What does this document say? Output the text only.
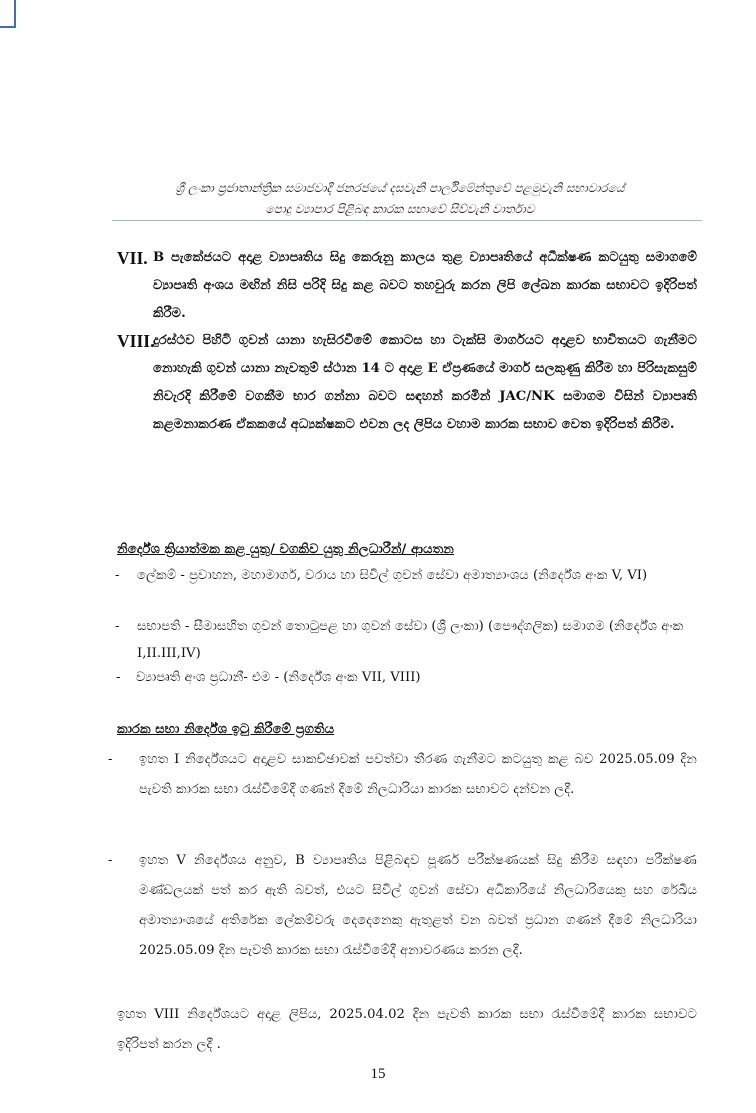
ශ්‍රී ලංකා ප්‍රජාතාන්ත්‍රික සමාජවාදී ජනරජයේ දසවැනි පාර්ලිමේන්තුවේ පළමුවැනි සභාවාරයේ
පොදු ව්‍යාපාර පිළිබඳ කාරක සභාවේ සිව්වැනි වාර්තාව
VII. B පැකේජයට අදාළ ව්‍යාපෘතිය සිදු කෙරුනු කාලය තුළ ව්‍යාපෘතියේ අධීක්ෂණ කටයුතු සමාගමේ ව්‍යාපෘති අංශය මඟින් නිසි පරිදි සිදු කළ බවට තහවුරු කරන ලිපි ලේඛන කාරක සභාවට ඉදිරිපත් කිරීම.
VIII.
දුරස්ථව පිහිටි ගුවන් යානා හැසිරවීමේ කොටස හා ටැක්සි මාර්ගයට අදාළව භාවිතයට ගැනීමට නොහැකි ගුවන් යානා නැවතුම් ස්ථාන 14 ට අදාළ E ඒප්‍රණයේ මාර්ග සලකුණු කිරීම හා පිරිසැකසුම් නිවැරදි කිරීමේ වගකීම භාර ගන්නා බවට සඳහන් කරමින් JAC/NK සමාගම විසින් ව්‍යාපෘති කළමනාකරණ ඒකකයේ අධ්‍යක්ෂකට එවන ලද ලිපිය වහාම කාරක සභාව වෙත ඉදිරිපත් කිරීම.
නිර්දේශ ක්‍රියාත්මක කළ යුතු/ වගකිව යුතු නිලධාරීන්/ ආයතන
- ලේකම් - ප්‍රවාහන, මහාමාර්ග, වරාය හා සිවිල් ගුවන් සේවා අමාත්‍යාංශය (නිර්දේශ අංක V, VI)
- සභාපති - සීමාසහිත ගුවන් තොටුපළ හා ගුවන් සේවා (ශ්‍රී ලංකා) (පෞද්ගලික) සමාගම (නිර්දේශ අංක I,II.III,IV)
- ව්‍යාපෘති අංශ ප්‍රධානී- එම - (නිර්දේශ අංක VII, VIII)
කාරක සභා නිර්දේශ ඉටු කිරීමේ ප්‍රගතිය
- ඉහත I නිර්දේශයට අදාළව සාකච්ඡාවක් පවත්වා තීරණ ගැනීමට කටයුතු කළ බව 2025.05.09 දින පැවති කාරක සභා රැස්වීමේදී ගණන් දීමේ නිලධාරියා කාරක සභාවට දන්වන ලදී.
- ඉහත V නිර්දේශය අනුව, B ව්‍යාපෘතිය පිළිබඳව පූර්ණ පරීක්ෂණයක් සිදු කිරීම සඳහා පරීක්ෂණ මණ්ඩලයක් පත් කර ඇති බවත්, එයට සිවිල් ගුවන් සේවා අධිකාරියේ නිලධාරියෙකු සහ රේඛීය අමාත්‍යාංශයේ අතිරේක ලේකම්වරු දෙදෙනෙකු ඇතුළත් වන බවත් ප්‍රධාන ගණන් දීමේ නිලධාරියා 2025.05.09 දින පැවති කාරක සභා රැස්වීමේදී අනාවරණය කරන ලදී.
ඉහත VIII නිර්දේශයට අදාළ ලිපිය, 2025.04.02 දින පැවති කාරක සභා රැස්වීමේදී කාරක සභාවට ඉදිරිපත් කරන ලදී .
15
